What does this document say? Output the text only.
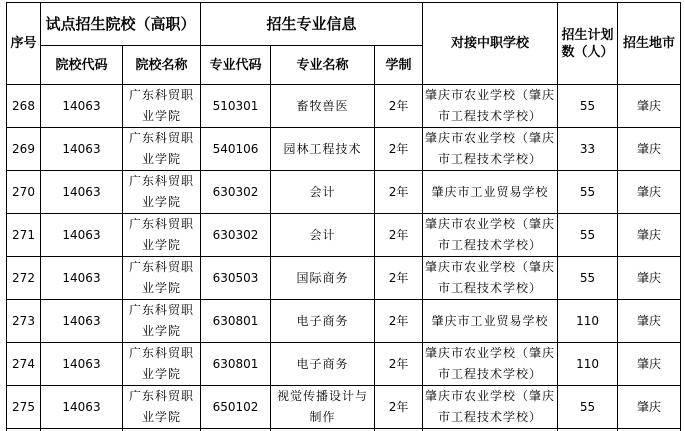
序号	试点招生院校（高职）		招生专业信息			对接中职学校	招生计划数（人）	招生地市
	院校代码	院校名称	专业代码	专业名称	学制			
268	14063	广东科贸职业学院	510301	畜牧兽医	2年	肇庆市农业学校（肇庆市工程技术学校）	55	肇庆
269	14063	广东科贸职业学院	540106	园林工程技术	2年	肇庆市农业学校（肇庆市工程技术学校）	33	肇庆
270	14063	广东科贸职业学院	630302	会计	2年	肇庆市工业贸易学校	55	肇庆
271	14063	广东科贸职业学院	630302	会计	2年	肇庆市农业学校（肇庆市工程技术学校）	55	肇庆
272	14063	广东科贸职业学院	630503	国际商务	2年	肇庆市农业学校（肇庆市工程技术学校）	55	肇庆
273	14063	广东科贸职业学院	630801	电子商务	2年	肇庆市工业贸易学校	110	肇庆
274	14063	广东科贸职业学院	630801	电子商务	2年	肇庆市农业学校（肇庆市工程技术学校）	110	肇庆
275	14063	广东科贸职业学院	650102	视觉传播设计与制作	2年	肇庆市农业学校（肇庆市工程技术学校）	55	肇庆
